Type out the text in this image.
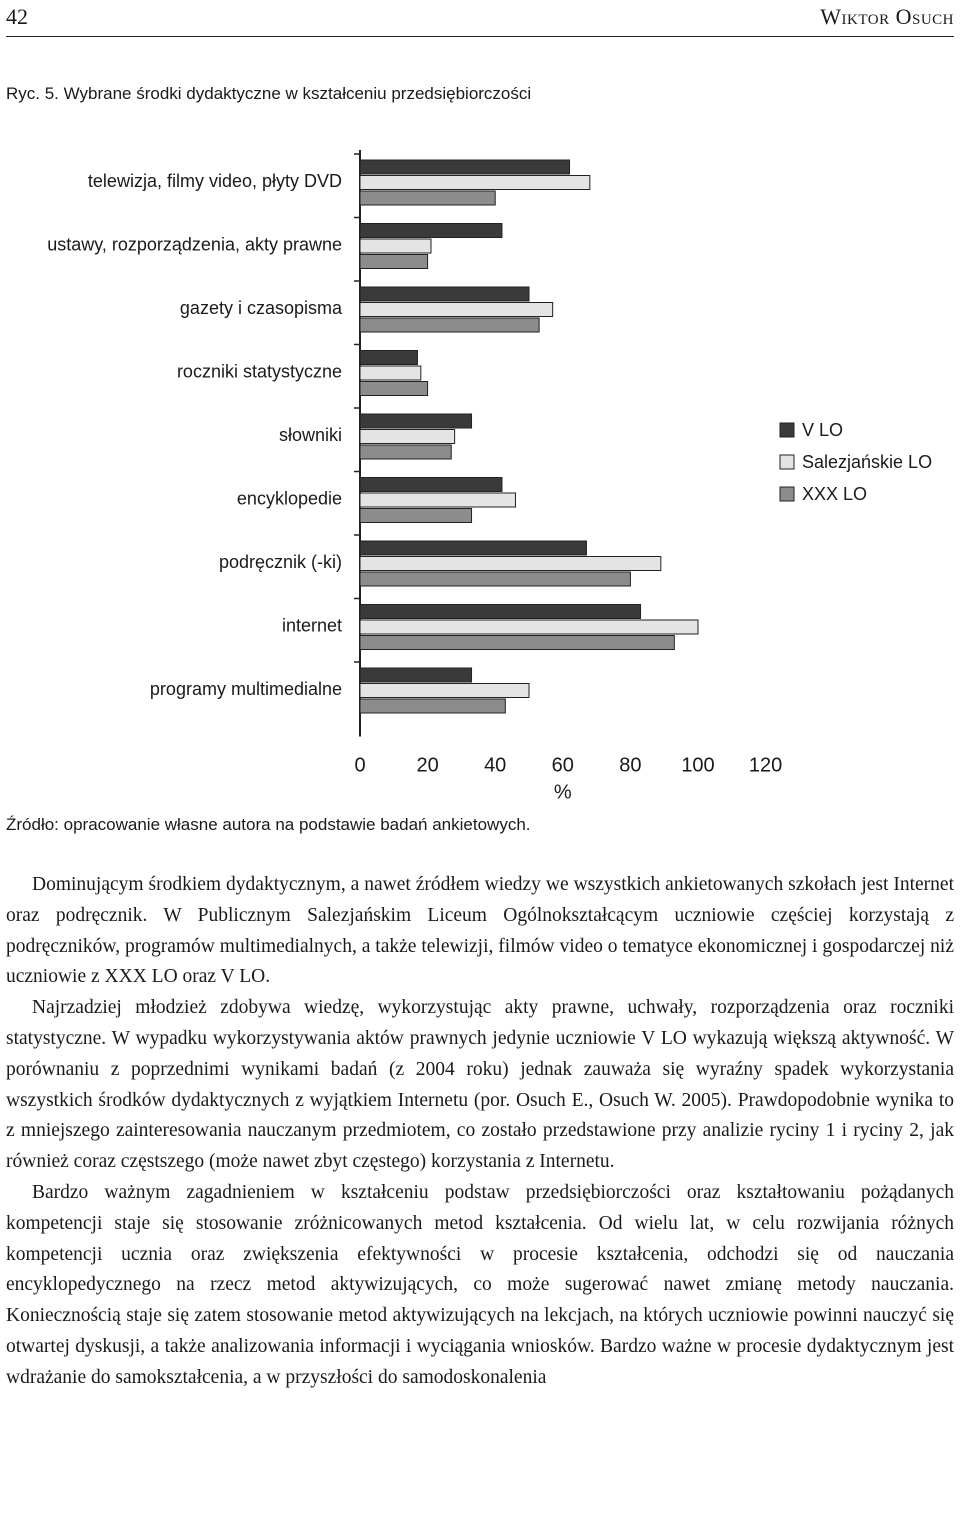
42	Wiktor Osuch
Ryc. 5. Wybrane środki dydaktyczne w kształceniu przedsiębiorczości
telewizja, filmy video, płyty DVD
ustawy, rozporządzenia, akty prawne
gazety i czasopisma
roczniki statystyczne
słowniki
encyklopedie
podręcznik (-ki)
internet
programy multimedialne
0	20 40 60 80 100 120
%
V LO
Salezjańskie LO
XXX LO
Źródło: opracowanie własne autora na podstawie badań ankietowych.

Dominującym środkiem dydaktycznym, a nawet źródłem wiedzy we wszystkich ankietowanych szkołach jest Internet oraz podręcznik. W Publicznym Salezjańskim Liceum Ogólnokształcącym uczniowie częściej korzystają z podręczników, programów multimedialnych, a także telewizji, filmów video o tematyce ekonomicznej i gospodarczej niż uczniowie z XXX LO oraz V LO.

Najrzadziej młodzież zdobywa wiedzę, wykorzystując akty prawne, uchwały, rozporządzenia oraz roczniki statystyczne. W wypadku wykorzystywania aktów prawnych jedynie uczniowie V LO wykazują większą aktywność. W porównaniu z poprzednimi wynikami badań (z 2004 roku) jednak zauważa się wyraźny spadek wykorzystania wszystkich środków dydaktycznych z wyjątkiem Internetu (por. Osuch E., Osuch W. 2005). Prawdopodobnie wynika to z mniejszego zainteresowania nauczanym przedmiotem, co zostało przedstawione przy analizie ryciny 1 i ryciny 2, jak również coraz częstszego (może nawet zbyt częstego) korzystania z Internetu.

Bardzo ważnym zagadnieniem w kształceniu podstaw przedsiębiorczości oraz kształtowaniu pożądanych kompetencji staje się stosowanie zróżnicowanych metod kształcenia. Od wielu lat, w celu rozwijania różnych kompetencji ucznia oraz zwiększenia efektywności w procesie kształcenia, odchodzi się od nauczania encyklopedycznego na rzecz metod aktywizujących, co może sugerować nawet zmianę metody nauczania. Koniecznością staje się zatem stosowanie metod aktywizujących na lekcjach, na których uczniowie powinni nauczyć się otwartej dyskusji, a także analizowania informacji i wyciągania wniosków. Bardzo ważne w procesie dydaktycznym jest wdrażanie do samokształcenia, a w przyszłości do samodoskonalenia
